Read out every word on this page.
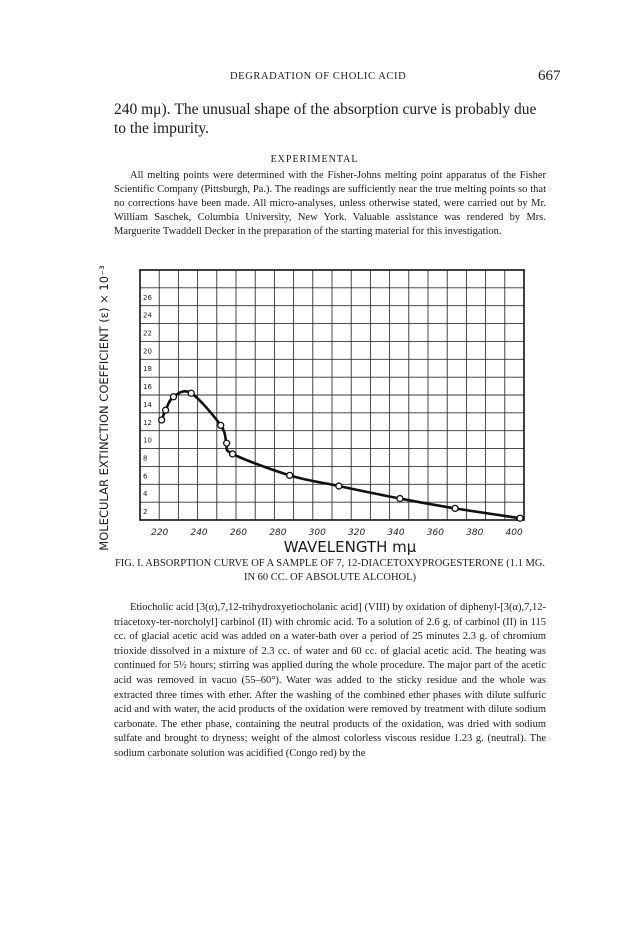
DEGRADATION OF CHOLIC ACID	667
240 mμ). The unusual shape of the absorption curve is probably due to the impurity.
EXPERIMENTAL
All melting points were determined with the Fisher-Johns melting point apparatus of the Fisher Scientific Company (Pittsburgh, Pa.). The readings are sufficiently near the true melting points so that no corrections have been made. All micro-analyses, unless otherwise stated, were carried out by Mr. William Saschek, Columbia University, New York. Valuable assistance was rendered by Mrs. Marguerite Twaddell Decker in the preparation of the starting material for this investigation.
220 240 260 280 300 320 340 360 380 400
2
4
6
8
10
12
14
16
18
20
22
24
26
WAVELENGTH mμ
MOLECULAR EXTINCTION COEFFICIENT (ε) × 10⁻³
FIG. I. ABSORPTION CURVE OF A SAMPLE OF 7, 12-DIACETOXYPROGESTERONE (1.1 MG. IN 60 CC. OF ABSOLUTE ALCOHOL)
Etiocholic acid [3(α),7,12-trihydroxyetiocholanic acid] (VIII) by oxidation of diphenyl-[3(α),7,12-triacetoxy-ter-norcholyl] carbinol (II) with chromic acid. To a solution of 2.6 g. of carbinol (II) in 115 cc. of glacial acetic acid was added on a water-bath over a period of 25 minutes 2.3 g. of chromium trioxide dissolved in a mixture of 2.3 cc. of water and 60 cc. of glacial acetic acid. The heating was continued for 5½ hours; stirring was applied during the whole procedure. The major part of the acetic acid was removed in vacuo (55–60°). Water was added to the sticky residue and the whole was extracted three times with ether. After the washing of the combined ether phases with dilute sulfuric acid and with water, the acid products of the oxidation were removed by treatment with dilute sodium carbonate. The ether phase, containing the neutral products of the oxidation, was dried with sodium sulfate and brought to dryness; weight of the almost colorless viscous residue 1.23 g. (neutral). The sodium carbonate solution was acidified (Congo red) by the
